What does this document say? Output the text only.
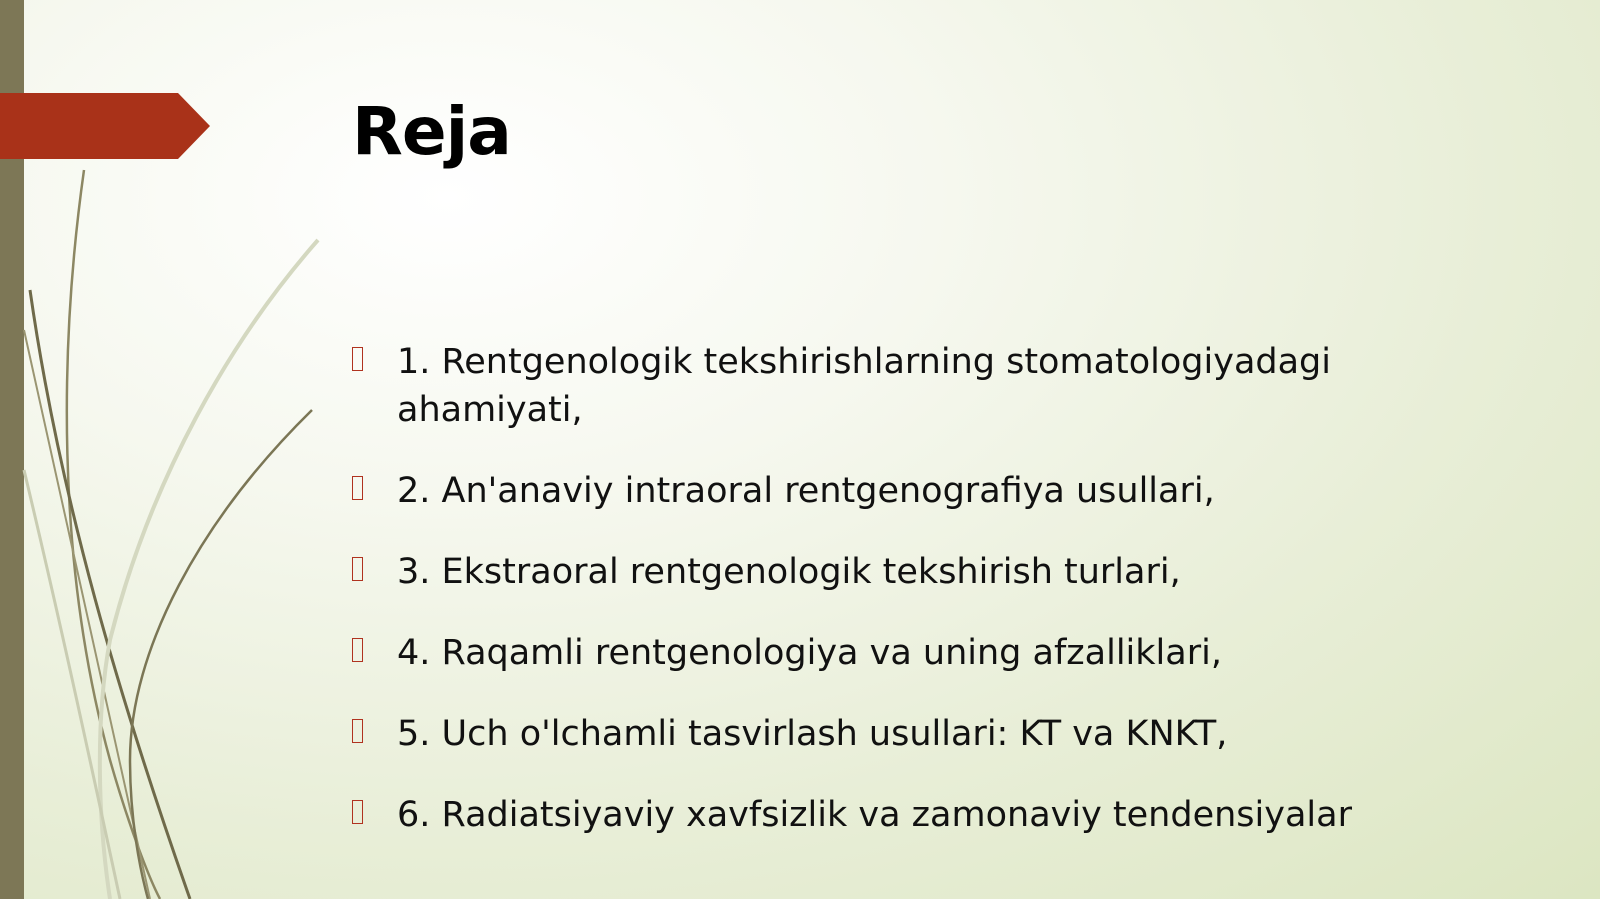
Reja
1. Rentgenologik tekshirishlarning stomatologiyadagi ahamiyati,
2. An'anaviy intraoral rentgenografiya usullari,
3. Ekstraoral rentgenologik tekshirish turlari,
4. Raqamli rentgenologiya va uning afzalliklari,
5. Uch o'lchamli tasvirlash usullari: KT va KNKT,
6. Radiatsiyaviy xavfsizlik va zamonaviy tendensiyalar
